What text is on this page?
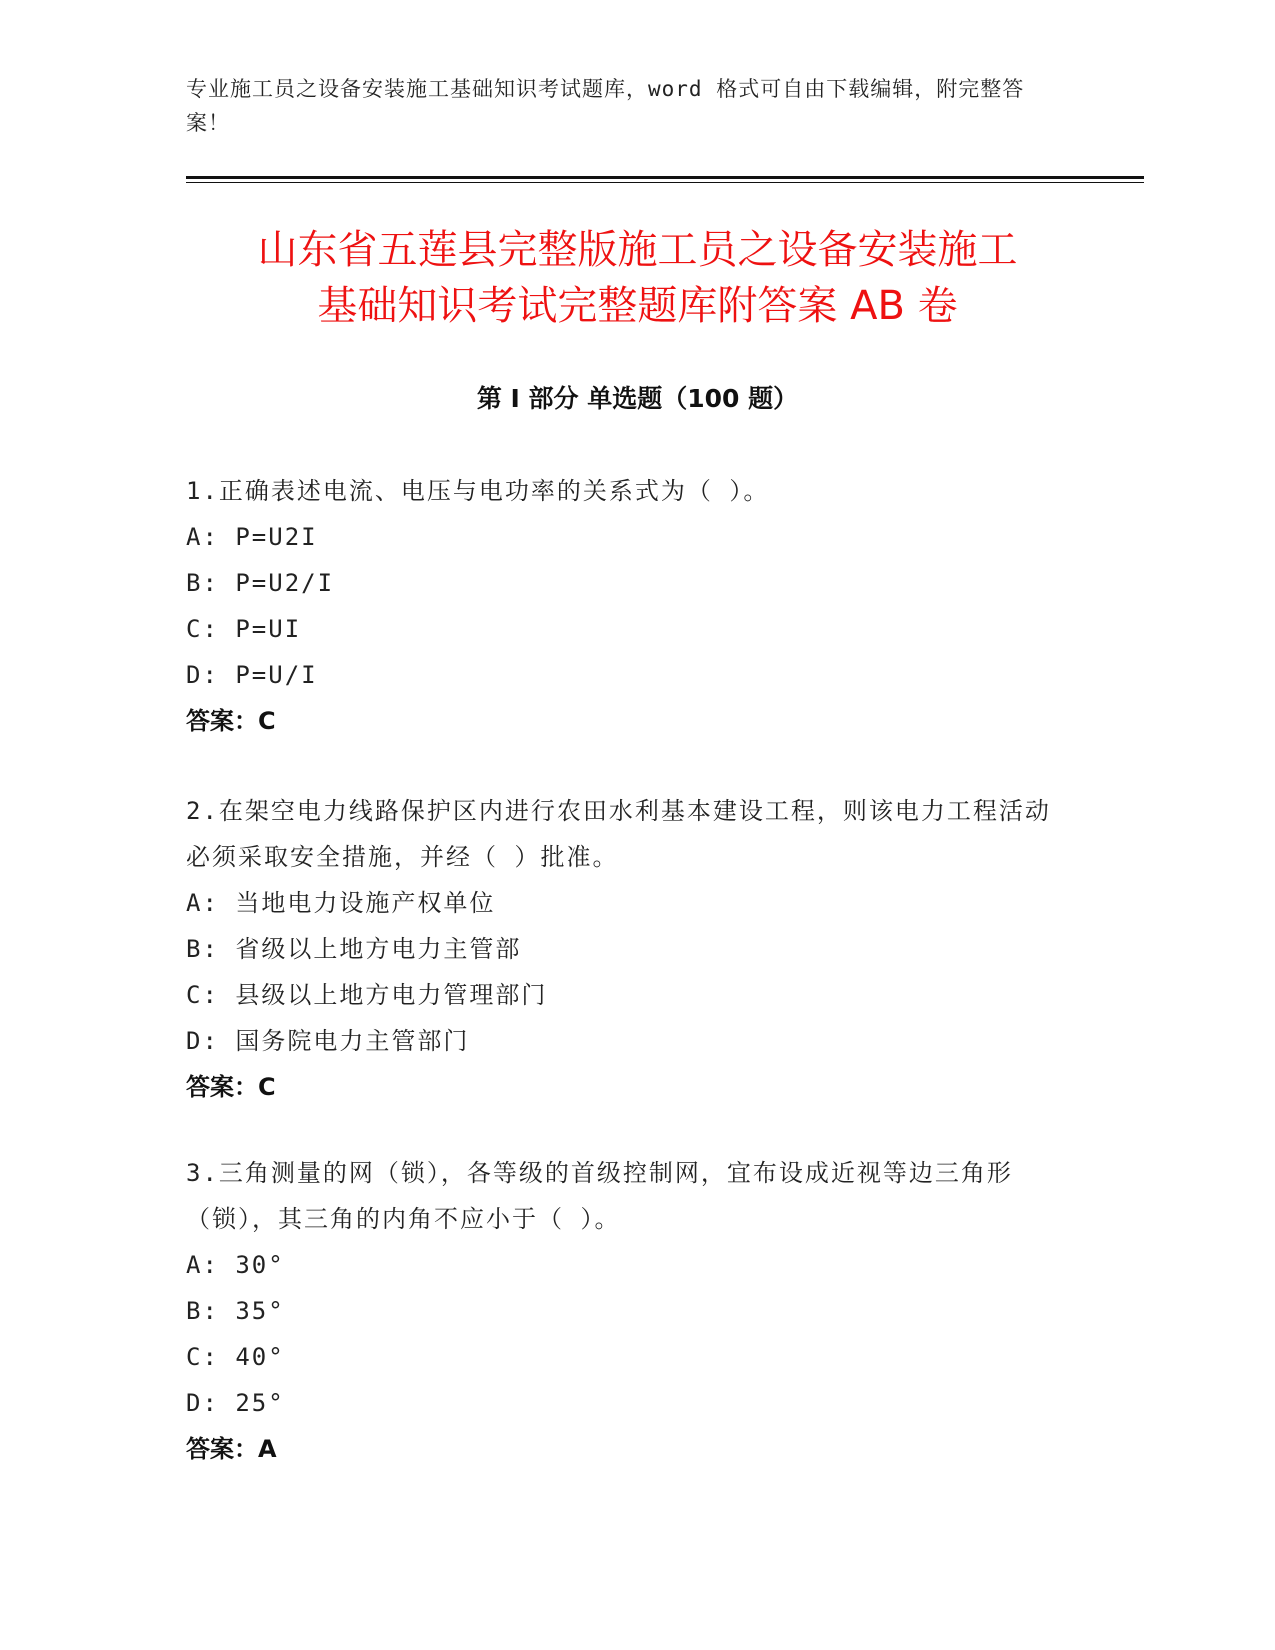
专业施工员之设备安装施工基础知识考试题库，word 格式可自由下载编辑，附完整答案！
山东省五莲县完整版施工员之设备安装施工
基础知识考试完整题库附答案 AB 卷
第 I 部分 单选题（100 题）

1.正确表述电流、电压与电功率的关系式为（ ）。

A: P=U2I

B: P=U2/I

C: P=UI

D: P=U/I

答案：C

2.在架空电力线路保护区内进行农田水利基本建设工程，则该电力工程活动必须采取安全措施，并经（ ）批准。

A: 当地电力设施产权单位

B: 省级以上地方电力主管部

C: 县级以上地方电力管理部门

D: 国务院电力主管部门

答案：C

3.三角测量的网（锁），各等级的首级控制网，宜布设成近视等边三角形（锁），其三角的内角不应小于（ ）。

A: 30°

B: 35°

C: 40°

D: 25°

答案：A
